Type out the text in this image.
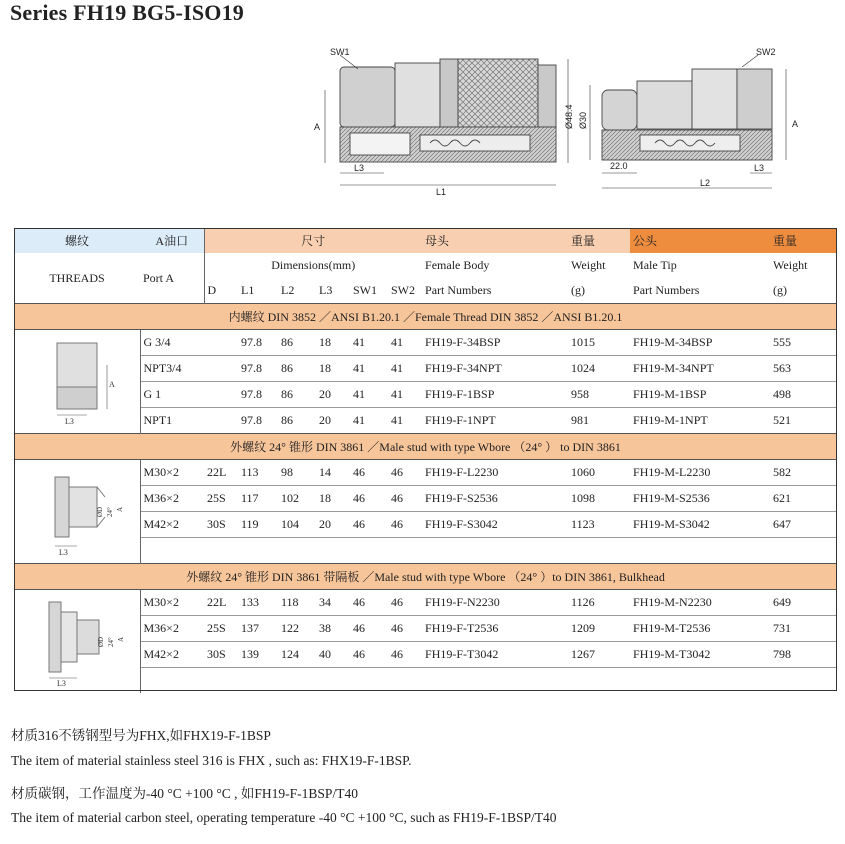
Series FH19 BG5-ISO19
SW1
A
L3
L1
Ø48.4
SW2
Ø30
22.0
L2
L3
A
螺纹	A油口	尺寸						母头	重量	公头	重量
THREADS	Port A	Dimensions(mm)						Female Body	Weight	Male Tip	Weight
		D	L1	L2	L3	SW1	SW2	Part Numbers	(g)	Part Numbers	(g)
内螺纹 DIN 3852 ／ANSI B1.20.1 ／Female Thread DIN 3852 ／ANSI B1.20.1											

A
L3	G 3/4		97.8	86	18	41	41	FH19-F-34BSP	1015	FH19-M-34BSP	555
	NPT3/4		97.8	86	18	41	41	FH19-F-34NPT	1024	FH19-M-34NPT	563
	G 1		97.8	86	20	41	41	FH19-F-1BSP	958	FH19-M-1BSP	498
	NPT1		97.8	86	20	41	41	FH19-F-1NPT	981	FH19-M-1NPT	521
外螺纹 24° 锥形 DIN 3861 ／Male stud with type Wbore （24° ） to DIN 3861											

ØD 24° A
L3	M30×2	22L	113	98	14	46	46	FH19-F-L2230	1060	FH19-M-L2230	582
	M36×2	25S	117	102	18	46	46	FH19-F-S2536	1098	FH19-M-S2536	621
	M42×2	30S	119	104	20	46	46	FH19-F-S3042	1123	FH19-M-S3042	647

外螺纹 24° 锥形 DIN 3861 带隔板 ／Male stud with type Wbore （24° ）to DIN 3861, Bulkhead											

ØD 24° A
L3	M30×2	22L	133	118	34	46	46	FH19-F-N2230	1126	FH19-M-N2230	649
	M36×2	25S	137	122	38	46	46	FH19-F-T2536	1209	FH19-M-T2536	731
	M42×2	30S	139	124	40	46	46	FH19-F-T3042	1267	FH19-M-T3042	798

材质316不锈钢型号为FHX,如FHX19-F-1BSP

The item of material stainless steel 316 is FHX , such as: FHX19-F-1BSP.

材质碳钢，工作温度为-40 °C +100 °C , 如FH19-F-1BSP/T40

The item of material carbon steel, operating temperature -40 °C +100 °C, such as FH19-F-1BSP/T40
